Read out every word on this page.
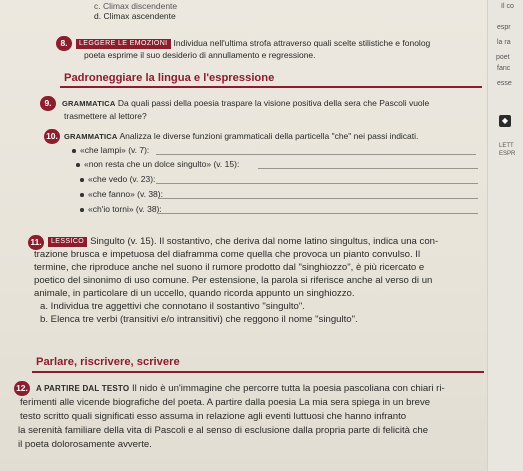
c. Climax discendente
d. Climax ascendente
8.	LEGGERE LE EMOZIONI Individua nell'ultima strofa attraverso quali scelte stilistiche e fonolog
poeta esprime il suo desiderio di annullamento e regressione.
Padroneggiare la lingua e l'espressione
9.	GRAMMATICA Da quali passi della poesia traspare la visione positiva della sera che Pascoli vuole
trasmettere al lettore?
10. GRAMMATICA Analizza le diverse funzioni grammaticali della particella "che" nei passi indicati.
«che lampi» (v. 7):
«non resta che un dolce singulto» (v. 15):
«che vedo (v. 23):
«che fanno» (v. 38):
«ch'io torni» (v. 38):
11.	LESSICO Singulto (v. 15). Il sostantivo, che deriva dal nome latino singultus, indica una con-
trazione brusca e impetuosa del diaframma come quella che provoca un pianto convulso. Il
termine, che riproduce anche nel suono il rumore prodotto dal "singhiozzo", è più ricercato e
poetico del sinonimo di uso comune. Per estensione, la parola si riferisce anche al verso di un
animale, in particolare di un uccello, quando ricorda appunto un singhiozzo.
a. Individua tre aggettivi che connotano il sostantivo "singulto".
b. Elenca tre verbi (transitivi e/o intransitivi) che reggono il nome "singulto".
Parlare, riscrivere, scrivere
12. A PARTIRE DAL TESTO Il nido è un'immagine che percorre tutta la poesia pascoliana con chiari ri-
ferimenti alle vicende biografiche del poeta. A partire dalla poesia La mia sera spiega in un breve
testo scritto quali significati esso assuma in relazione agli eventi luttuosi che hanno infranto
la serenità familiare della vita di Pascoli e al senso di esclusione dalla propria parte di felicità che
il poeta dolorosamente avverte.
Il co
espr
la ra
poet
fanc
esse
◆
LETT
ESPR
